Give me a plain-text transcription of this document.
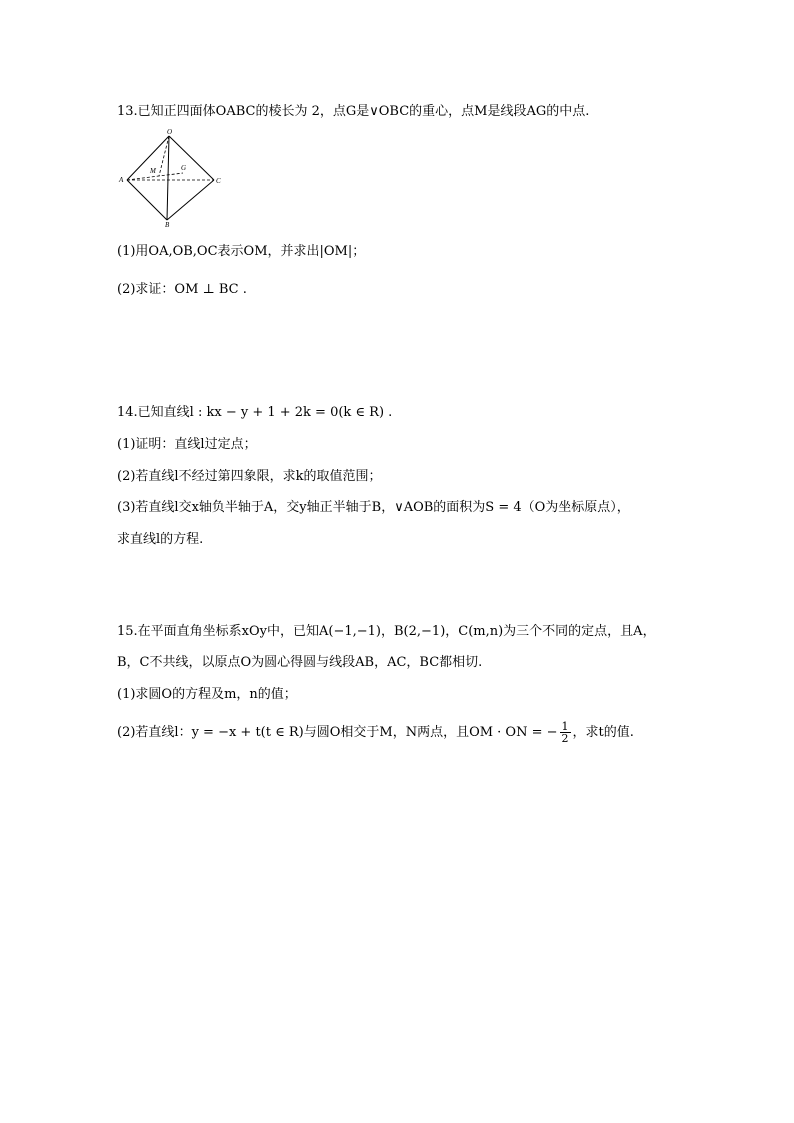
13.已知正四面体OABC的棱长为 2，点G是∨OBC的重心，点M是线段AG的中点.
O
A
B
C
M	G
(1)用OA,OB,OC表示OM，并求出|OM|；
(2)求证：OM ⊥ BC .
14.已知直线l : kx − y + 1 + 2k = 0(k ∈ R) .
(1)证明：直线l过定点；
(2)若直线l不经过第四象限，求k的取值范围；
(3)若直线l交x轴负半轴于A，交y轴正半轴于B，∨AOB的面积为S = 4（O为坐标原点），
求直线l的方程.
15.在平面直角坐标系xOy中，已知A(−1,−1)，B(2,−1)，C(m,n)为三个不同的定点，且A，
B，C不共线，以原点O为圆心得圆与线段AB，AC，BC都相切.
(1)求圆O的方程及m，n的值；
(2)若直线l：y = −x + t(t ∈ R)与圆O相交于M，N两点，且OM · ON = − $\frac{1}{2}$ ，求t的值.
